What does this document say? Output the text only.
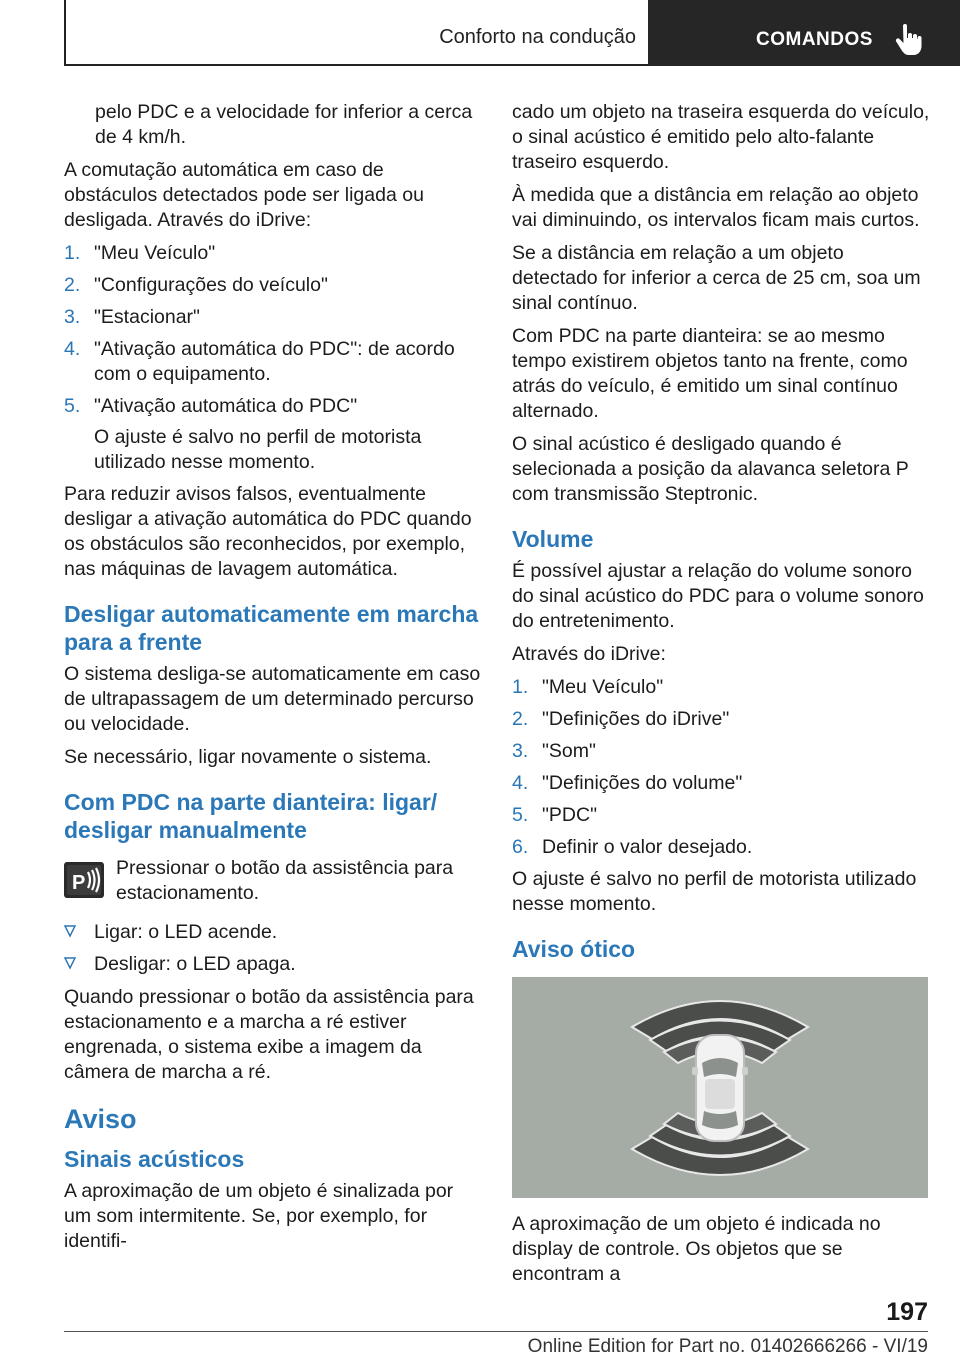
Conforto na condução	COMANDOS

pelo PDC e a velocidade for inferior a cerca de 4 km/h.

A comutação automática em caso de obstáculos detectados pode ser ligada ou desligada. Através do iDrive:

1. "Meu Veículo"
2. "Configurações do veículo"
3. "Estacionar"
4. "Ativação automática do PDC": de acordo com o equipamento.
5. "Ativação automática do PDC"
O ajuste é salvo no perfil de motorista utilizado nesse momento.

Para reduzir avisos falsos, eventualmente desligar a ativação automática do PDC quando os obstáculos são reconhecidos, por exemplo, nas máquinas de lavagem automática.

Desligar automaticamente em marcha para a frente

O sistema desliga-se automaticamente em caso de ultrapassagem de um determinado percurso ou velocidade.

Se necessário, ligar novamente o sistema.

Com PDC na parte dianteira: ligar/ desligar manualmente
P
Pressionar o botão da assistência para estacionamento.
Ligar: o LED acende.
Desligar: o LED apaga.

Quando pressionar o botão da assistência para estacionamento e a marcha a ré estiver engrenada, o sistema exibe a imagem da câmera de marcha a ré.

Aviso
Sinais acústicos

A aproximação de um objeto é sinalizada por um som intermitente. Se, por exemplo, for identifi-

cado um objeto na traseira esquerda do veículo, o sinal acústico é emitido pelo alto-falante traseiro esquerdo.

À medida que a distância em relação ao objeto vai diminuindo, os intervalos ficam mais curtos.

Se a distância em relação a um objeto detectado for inferior a cerca de 25 cm, soa um sinal contínuo.

Com PDC na parte dianteira: se ao mesmo tempo existirem objetos tanto na frente, como atrás do veículo, é emitido um sinal contínuo alternado.

O sinal acústico é desligado quando é selecionada a posição da alavanca seletora P com transmissão Steptronic.

Volume

É possível ajustar a relação do volume sonoro do sinal acústico do PDC para o volume sonoro do entretenimento.

Através do iDrive:

1. "Meu Veículo"
2. "Definições do iDrive"
3. "Som"
4. "Definições do volume"
5. "PDC"
6. Definir o valor desejado.

O ajuste é salvo no perfil de motorista utilizado nesse momento.

Aviso ótico

A aproximação de um objeto é indicada no display de controle. Os objetos que se encontram a

197
Online Edition for Part no. 01402666266 - VI/19
